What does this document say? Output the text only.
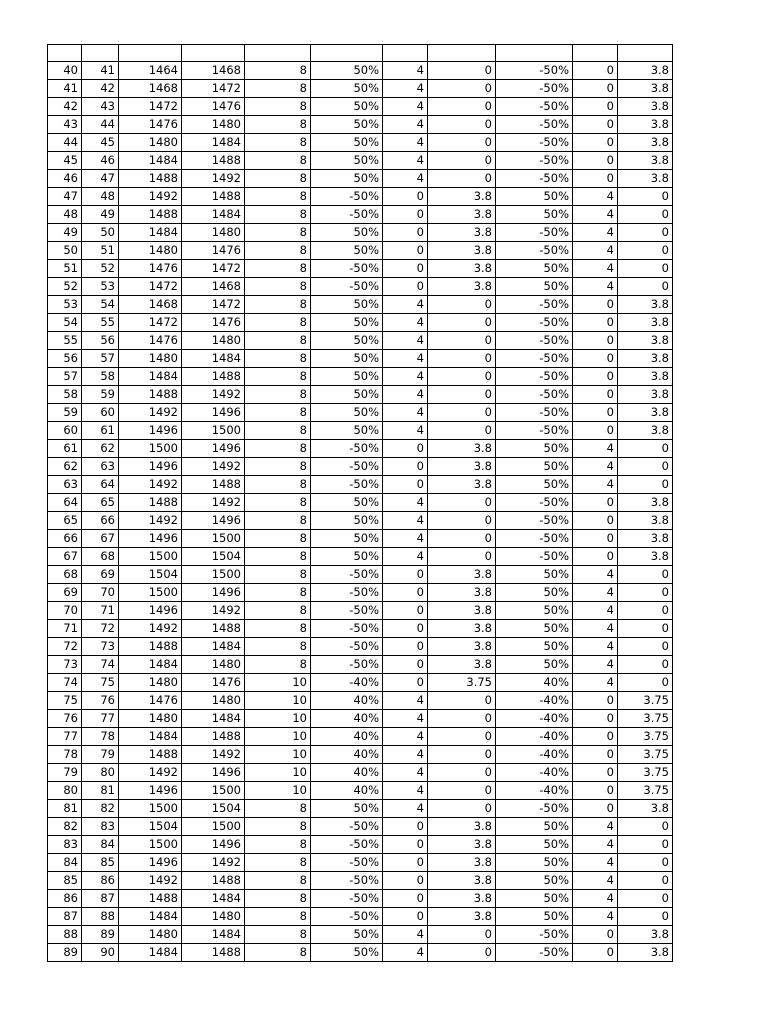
40	41	1464	1468	8	50%	4	0	-50%	0	3.8
41	42	1468	1472	8	50%	4	0	-50%	0	3.8
42	43	1472	1476	8	50%	4	0	-50%	0	3.8
43	44	1476	1480	8	50%	4	0	-50%	0	3.8
44	45	1480	1484	8	50%	4	0	-50%	0	3.8
45	46	1484	1488	8	50%	4	0	-50%	0	3.8
46	47	1488	1492	8	50%	4	0	-50%	0	3.8
47	48	1492	1488	8	-50%	0	3.8	50%	4	0
48	49	1488	1484	8	-50%	0	3.8	50%	4	0
49	50	1484	1480	8	50%	0	3.8	-50%	4	0
50	51	1480	1476	8	50%	0	3.8	-50%	4	0
51	52	1476	1472	8	-50%	0	3.8	50%	4	0
52	53	1472	1468	8	-50%	0	3.8	50%	4	0
53	54	1468	1472	8	50%	4	0	-50%	0	3.8
54	55	1472	1476	8	50%	4	0	-50%	0	3.8
55	56	1476	1480	8	50%	4	0	-50%	0	3.8
56	57	1480	1484	8	50%	4	0	-50%	0	3.8
57	58	1484	1488	8	50%	4	0	-50%	0	3.8
58	59	1488	1492	8	50%	4	0	-50%	0	3.8
59	60	1492	1496	8	50%	4	0	-50%	0	3.8
60	61	1496	1500	8	50%	4	0	-50%	0	3.8
61	62	1500	1496	8	-50%	0	3.8	50%	4	0
62	63	1496	1492	8	-50%	0	3.8	50%	4	0
63	64	1492	1488	8	-50%	0	3.8	50%	4	0
64	65	1488	1492	8	50%	4	0	-50%	0	3.8
65	66	1492	1496	8	50%	4	0	-50%	0	3.8
66	67	1496	1500	8	50%	4	0	-50%	0	3.8
67	68	1500	1504	8	50%	4	0	-50%	0	3.8
68	69	1504	1500	8	-50%	0	3.8	50%	4	0
69	70	1500	1496	8	-50%	0	3.8	50%	4	0
70	71	1496	1492	8	-50%	0	3.8	50%	4	0
71	72	1492	1488	8	-50%	0	3.8	50%	4	0
72	73	1488	1484	8	-50%	0	3.8	50%	4	0
73	74	1484	1480	8	-50%	0	3.8	50%	4	0
74	75	1480	1476	10	-40%	0	3.75	40%	4	0
75	76	1476	1480	10	40%	4	0	-40%	0	3.75
76	77	1480	1484	10	40%	4	0	-40%	0	3.75
77	78	1484	1488	10	40%	4	0	-40%	0	3.75
78	79	1488	1492	10	40%	4	0	-40%	0	3.75
79	80	1492	1496	10	40%	4	0	-40%	0	3.75
80	81	1496	1500	10	40%	4	0	-40%	0	3.75
81	82	1500	1504	8	50%	4	0	-50%	0	3.8
82	83	1504	1500	8	-50%	0	3.8	50%	4	0
83	84	1500	1496	8	-50%	0	3.8	50%	4	0
84	85	1496	1492	8	-50%	0	3.8	50%	4	0
85	86	1492	1488	8	-50%	0	3.8	50%	4	0
86	87	1488	1484	8	-50%	0	3.8	50%	4	0
87	88	1484	1480	8	-50%	0	3.8	50%	4	0
88	89	1480	1484	8	50%	4	0	-50%	0	3.8
89	90	1484	1488	8	50%	4	0	-50%	0	3.8
